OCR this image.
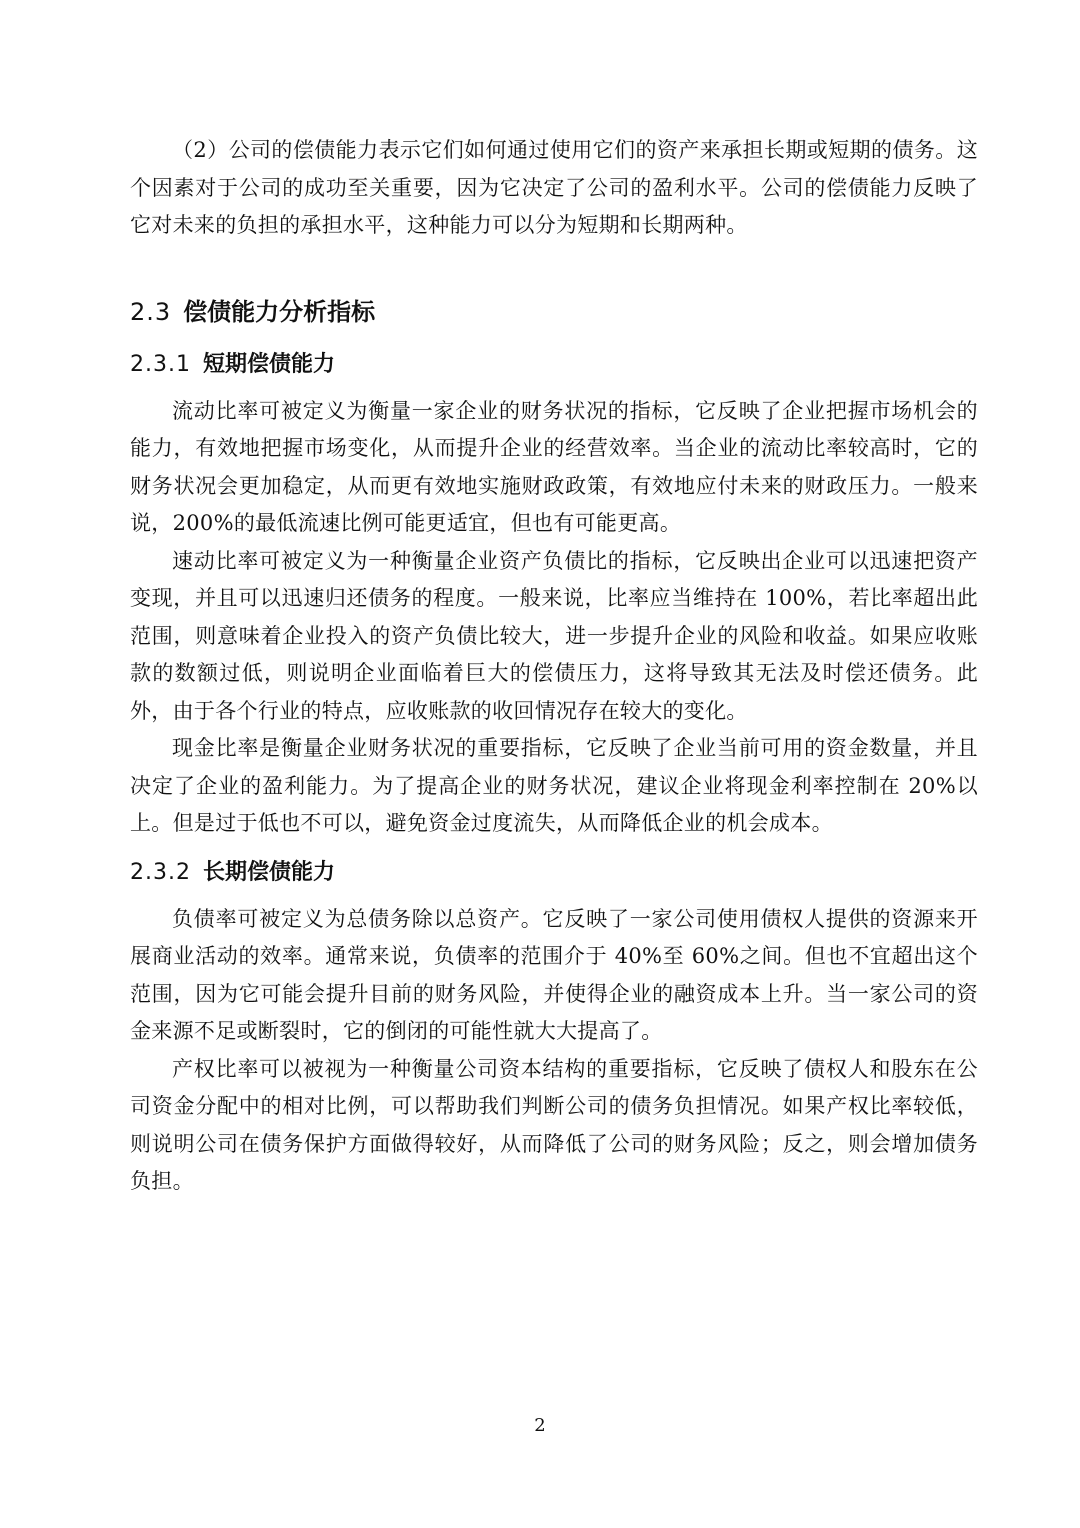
（2）公司的偿债能力表示它们如何通过使用它们的资产来承担长期或短期的债务。这个因素对于公司的成功至关重要，因为它决定了公司的盈利水平。公司的偿债能力反映了它对未来的负担的承担水平，这种能力可以分为短期和长期两种。

2.3 偿债能力分析指标
2.3.1 短期偿债能力

流动比率可被定义为衡量一家企业的财务状况的指标，它反映了企业把握市场机会的能力，有效地把握市场变化，从而提升企业的经营效率。当企业的流动比率较高时，它的财务状况会更加稳定，从而更有效地实施财政政策，有效地应付未来的财政压力。一般来说，200%的最低流速比例可能更适宜，但也有可能更高。

速动比率可被定义为一种衡量企业资产负债比的指标，它反映出企业可以迅速把资产变现，并且可以迅速归还债务的程度。一般来说，比率应当维持在 100%，若比率超出此范围，则意味着企业投入的资产负债比较大，进一步提升企业的风险和收益。如果应收账款的数额过低，则说明企业面临着巨大的偿债压力，这将导致其无法及时偿还债务。此外，由于各个行业的特点，应收账款的收回情况存在较大的变化。

现金比率是衡量企业财务状况的重要指标，它反映了企业当前可用的资金数量，并且决定了企业的盈利能力。为了提高企业的财务状况，建议企业将现金利率控制在 20%以上。但是过于低也不可以，避免资金过度流失，从而降低企业的机会成本。

2.3.2 长期偿债能力

负债率可被定义为总债务除以总资产。它反映了一家公司使用债权人提供的资源来开展商业活动的效率。通常来说，负债率的范围介于 40%至 60%之间。但也不宜超出这个范围，因为它可能会提升目前的财务风险，并使得企业的融资成本上升。当一家公司的资金来源不足或断裂时，它的倒闭的可能性就大大提高了。

产权比率可以被视为一种衡量公司资本结构的重要指标，它反映了债权人和股东在公司资金分配中的相对比例，可以帮助我们判断公司的债务负担情况。如果产权比率较低，则说明公司在债务保护方面做得较好，从而降低了公司的财务风险；反之，则会增加债务负担。

2
